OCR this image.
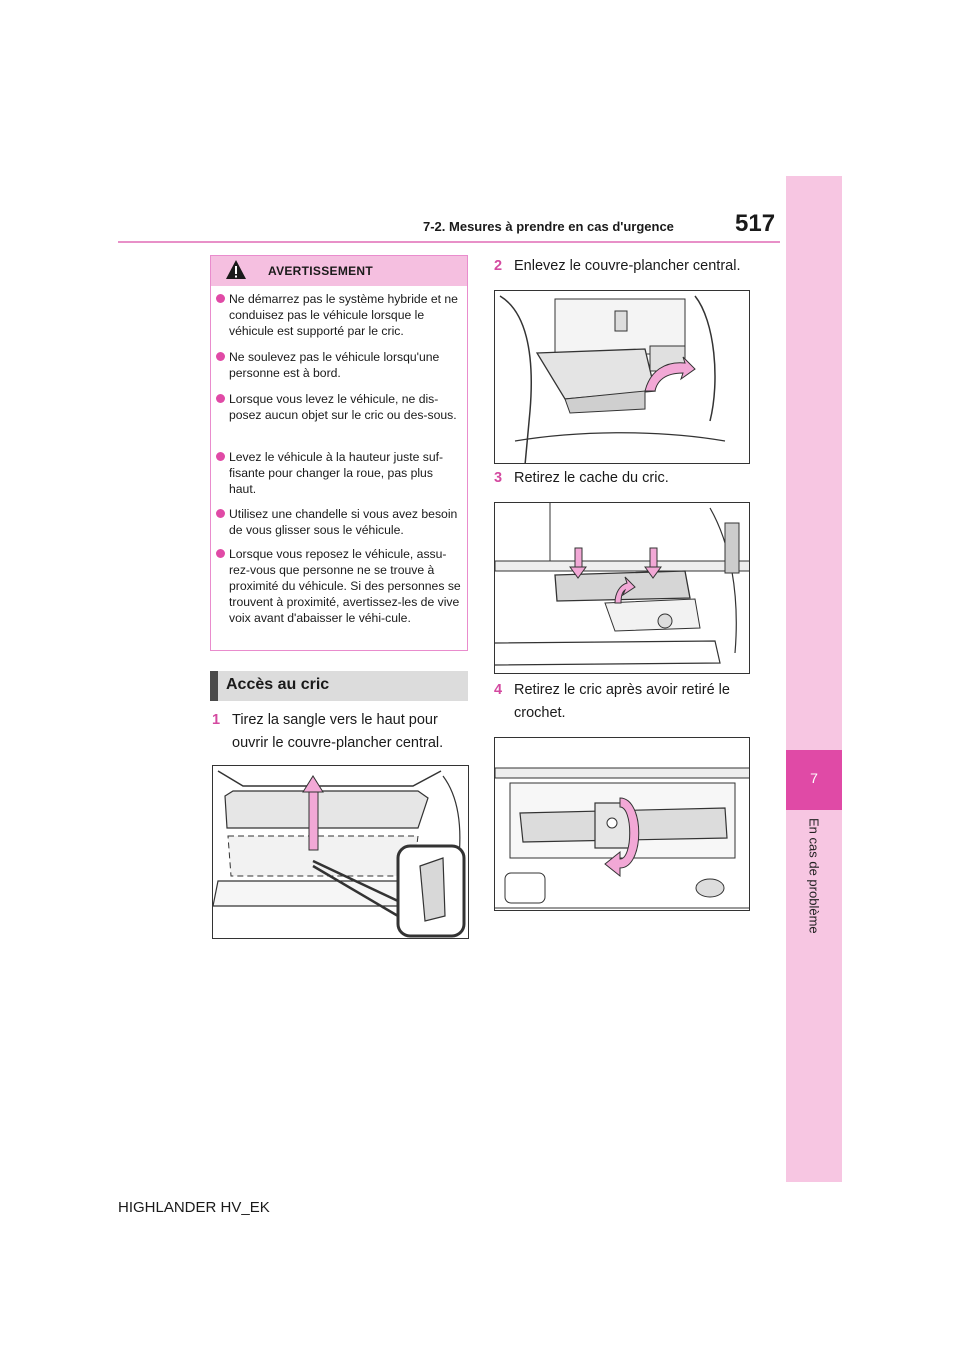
7-2. Mesures à prendre en cas d'urgence	517
7
En cas de problème
AVERTISSEMENT
Ne démarrez pas le système hybride et ne conduisez pas le véhicule lorsque le véhicule est supporté par le cric.
Ne soulevez pas le véhicule lorsqu'une personne est à bord.
Lorsque vous levez le véhicule, ne dis-posez aucun objet sur le cric ou des-sous.
Levez le véhicule à la hauteur juste suf-fisante pour changer la roue, pas plus haut.
Utilisez une chandelle si vous avez besoin de vous glisser sous le véhicule.
Lorsque vous reposez le véhicule, assu-rez-vous que personne ne se trouve à proximité du véhicule. Si des personnes se trouvent à proximité, avertissez-les de vive voix avant d'abaisser le véhi-cule.
Accès au cric
1 Tirez la sangle vers le haut pour
ouvrir le couvre-plancher central.
2 Enlevez le couvre-plancher central.
3 Retirez le cache du cric.
4 Retirez le cric après avoir retiré le
crochet.
HIGHLANDER HV_EK
